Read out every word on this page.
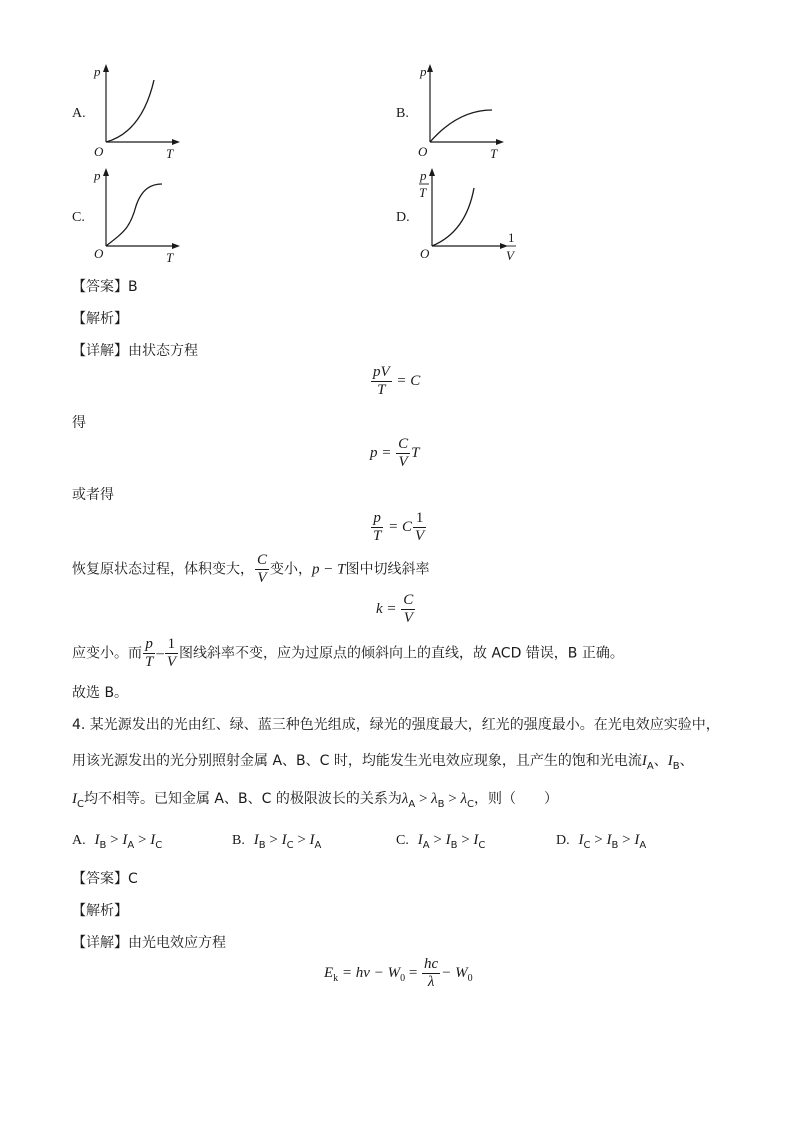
A.
p
T
O
B.
p
T
O
C.
p
T
O
D.
p
T
1
V
O
【答案】B
【解析】
【详解】由状态方程
$\frac{pV}{T} = C$
得
$p = \frac{C}{V}$ T
或者得
$\frac{p}{T} = C \frac{1}{V}$
恢复原状态过程，体积变大， $\frac{C}{V}$ 变小，p − T图中切线斜率
$k = \frac{C}{V}$
应变小。而 $\frac{p}{T} - \frac{1}{V}$ 图线斜率不变，应为过原点的倾斜向上的直线，故 ACD 错误，B 正确。
故选 B。
4. 某光源发出的光由红、绿、蓝三种色光组成，绿光的强度最大，红光的强度最小。在光电效应实验中，
用该光源发出的光分别照射金属 A、B、C 时，均能发生光电效应现象，且产生的饱和光电流$I_A$、$I_B$、
$I_C$均不相等。已知金属 A、B、C 的极限波长的关系为$\lambda_A > \lambda_B > \lambda_C$，则（　　）
A. $I_B > I_A > I_C$	B. $I_B > I_C > I_A$	C. $I_A > I_B > I_C$	D. $I_C > I_B > I_A$
【答案】C
【解析】
【详解】由光电效应方程
$E_k = h\nu - W_0 = \frac{hc}{\lambda} - W_0$
